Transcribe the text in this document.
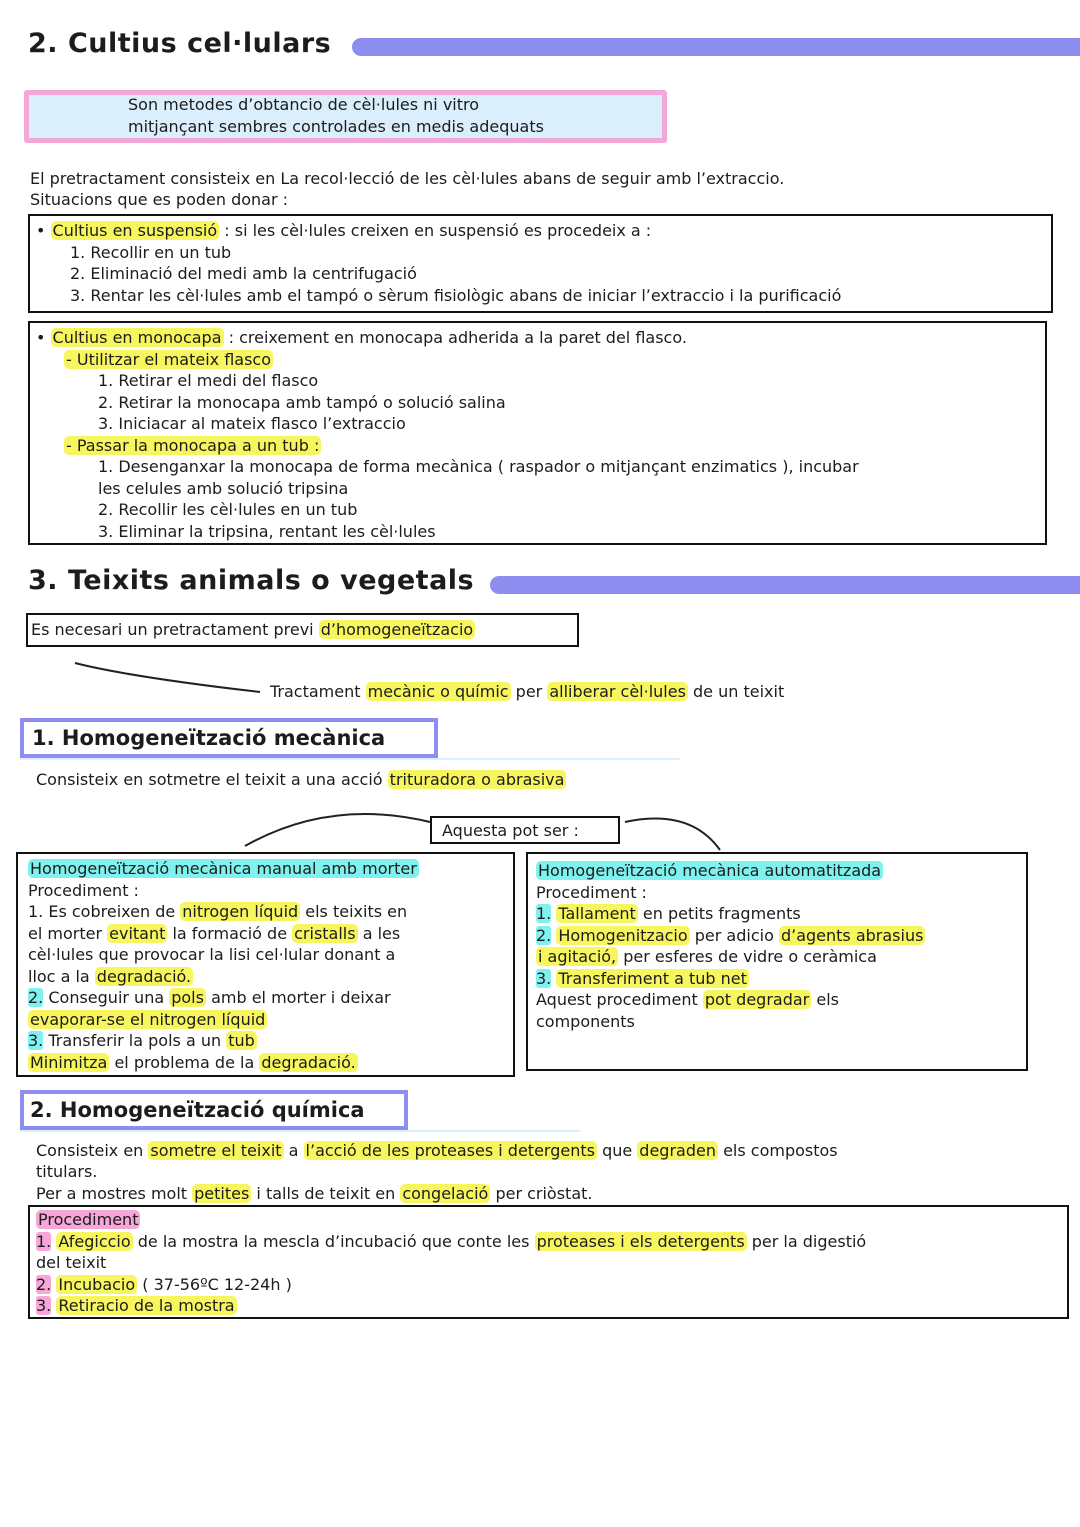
2. Cultius cel·lulars
Son metodes d’obtancio de cèl·lules ni vitro
mitjançant sembres controlades en medis adequats
El pretractament consisteix en La recol·lecció de les cèl·lules abans de seguir amb l’extraccio.
Situacions que es poden donar :
• Cultius en suspensió : si les cèl·lules creixen en suspensió es procedeix a :
1. Recollir en un tub
2. Eliminació del medi amb la centrifugació
3. Rentar les cèl·lules amb el tampó o sèrum fisiològic abans de iniciar l’extraccio i la purificació
• Cultius en monocapa : creixement en monocapa adherida a la paret del flasco.
- Utilitzar el mateix flasco
1. Retirar el medi del flasco
2. Retirar la monocapa amb tampó o solució salina
3. Iniciacar al mateix flasco l’extraccio
- Passar la monocapa a un tub :
1. Desenganxar la monocapa de forma mecànica ( raspador o mitjançant enzimatics ), incubar
les celules amb solució tripsina
2. Recollir les cèl·lules en un tub
3. Eliminar la tripsina, rentant les cèl·lules
3. Teixits animals o vegetals
Es necesari un pretractament previ d’homogeneïtzacio
Tractament mecànic o químic per alliberar cèl·lules de un teixit
1. Homogeneïtzació mecànica
Consisteix en sotmetre el teixit a una acció trituradora o abrasiva
Aquesta pot ser :
Homogeneïtzació mecànica manual amb morter
Procediment :
1. Es cobreixen de nitrogen líquid els teixits en
el morter evitant la formació de cristalls a les
cèl·lules que provocar la lisi cel·lular donant a
lloc a la degradació.
2. Conseguir una pols amb el morter i deixar
evaporar-se el nitrogen líquid
3. Transferir la pols a un tub
Minimitza el problema de la degradació.
Homogeneïtzació mecànica automatitzada
Procediment :
1. Tallament en petits fragments
2. Homogenitzacio per adicio d’agents abrasius
i agitació, per esferes de vidre o ceràmica
3. Transferiment a tub net
Aquest procediment pot degradar els
components
2. Homogeneïtzació química
Consisteix en sometre el teixit a l’acció de les proteases i detergents que degraden els compostos
titulars.
Per a mostres molt petites i talls de teixit en congelació per criòstat.
Procediment
1. Afegiccio de la mostra la mescla d’incubació que conte les proteases i els detergents per la digestió
del teixit
2. Incubacio ( 37-56ºC 12-24h )
3. Retiracio de la mostra
